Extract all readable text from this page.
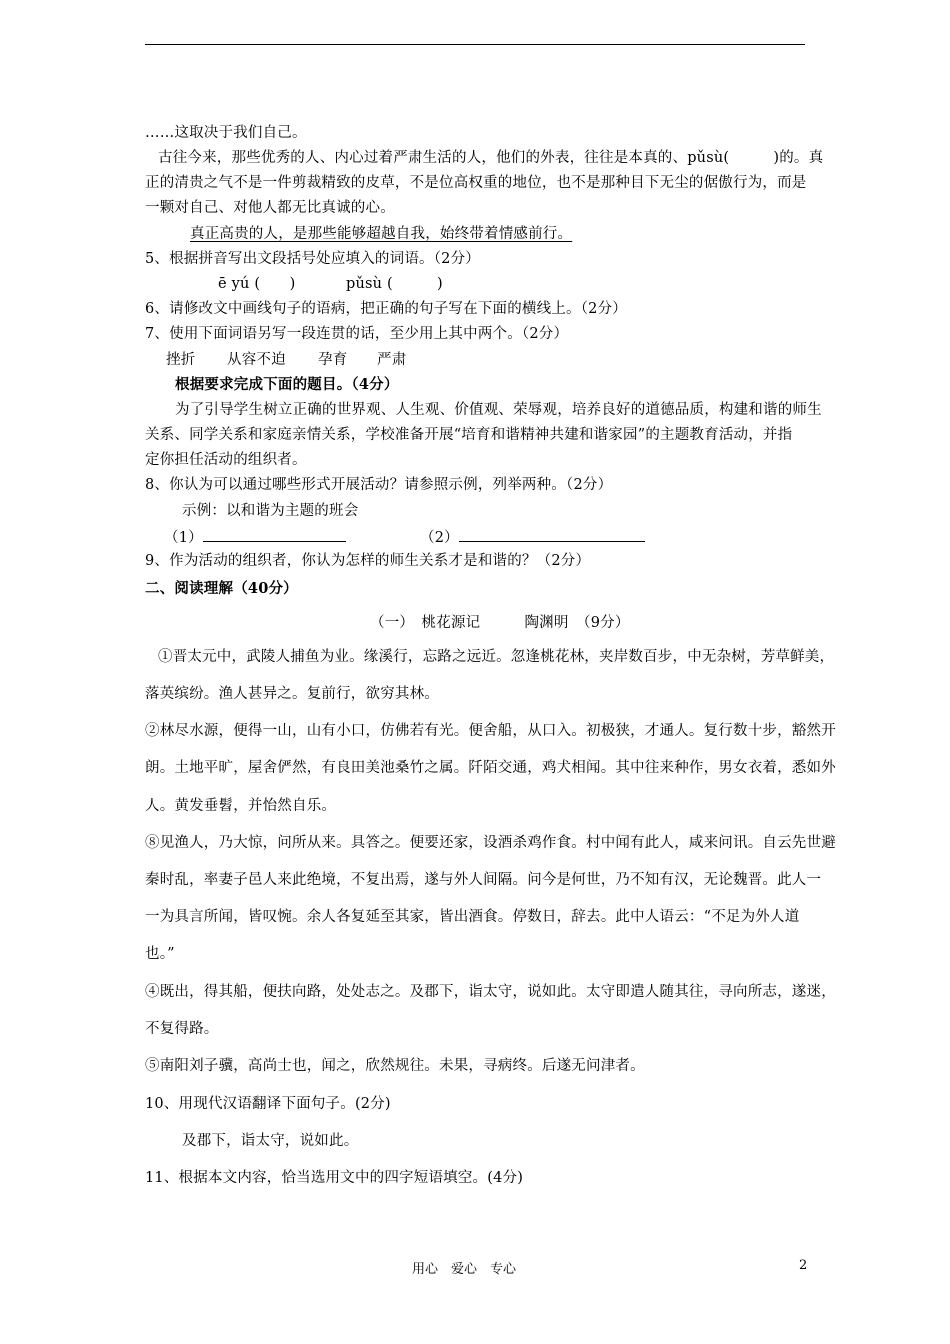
……这取决于我们自己。
古往今来，那些优秀的人、内心过着严肃生活的人，他们的外表，往往是本真的、pǔsù(　　　)的。真
正的清贵之气不是一件剪裁精致的皮草，不是位高权重的地位，也不是那种目下无尘的倨傲行为，而是
一颗对自己、对他人都无比真诚的心。
真正高贵的人，是那些能够超越自我，始终带着情感前行。
5、根据拼音写出文段括号处应填入的词语。（2分）
ē yú (　　)	pǔsù (　　　)
6、请修改文中画线句子的语病，把正确的句子写在下面的横线上。（2分）
7、使用下面词语另写一段连贯的话，至少用上其中两个。（2分）
挫折 从容不迫 孕育 严肃
根据要求完成下面的题目。（4分）
为了引导学生树立正确的世界观、人生观、价值观、荣辱观，培养良好的道德品质，构建和谐的师生
关系、同学关系和家庭亲情关系，学校准备开展“培育和谐精神共建和谐家园”的主题教育活动，并指
定你担任活动的组织者。
8、你认为可以通过哪些形式开展活动？请参照示例，列举两种。（2分）
示例：以和谐为主题的班会
（1）	（2）
9、作为活动的组织者，你认为怎样的师生关系才是和谐的？（2分）
二、阅读理解（40分）
（一）　桃花源记　　　陶渊明　（9分）
①晋太元中，武陵人捕鱼为业。缘溪行，忘路之远近。忽逢桃花林，夹岸数百步，中无杂树，芳草鲜美，
落英缤纷。渔人甚异之。复前行，欲穷其林。
②林尽水源，便得一山，山有小口，仿佛若有光。便舍船，从口入。初极狭，才通人。复行数十步，豁然开
朗。土地平旷，屋舍俨然，有良田美池桑竹之属。阡陌交通，鸡犬相闻。其中往来种作，男女衣着，悉如外
人。黄发垂髫，并怡然自乐。
⑧见渔人，乃大惊，问所从来。具答之。便要还家，设酒杀鸡作食。村中闻有此人，咸来问讯。自云先世避
秦时乱，率妻子邑人来此绝境，不复出焉，遂与外人间隔。问今是何世，乃不知有汉，无论魏晋。此人一
一为具言所闻，皆叹惋。余人各复延至其家，皆出酒食。停数日，辞去。此中人语云：“不足为外人道
也。”
④既出，得其船，便扶向路，处处志之。及郡下，诣太守，说如此。太守即遣人随其往，寻向所志，遂迷，
不复得路。
⑤南阳刘子骥，高尚士也，闻之，欣然规往。未果，寻病终。后遂无问津者。
10、用现代汉语翻译下面句子。(2分)
及郡下，诣太守，说如此。
11、根据本文内容，恰当选用文中的四字短语填空。(4分)
用心　爱心　专心	2
